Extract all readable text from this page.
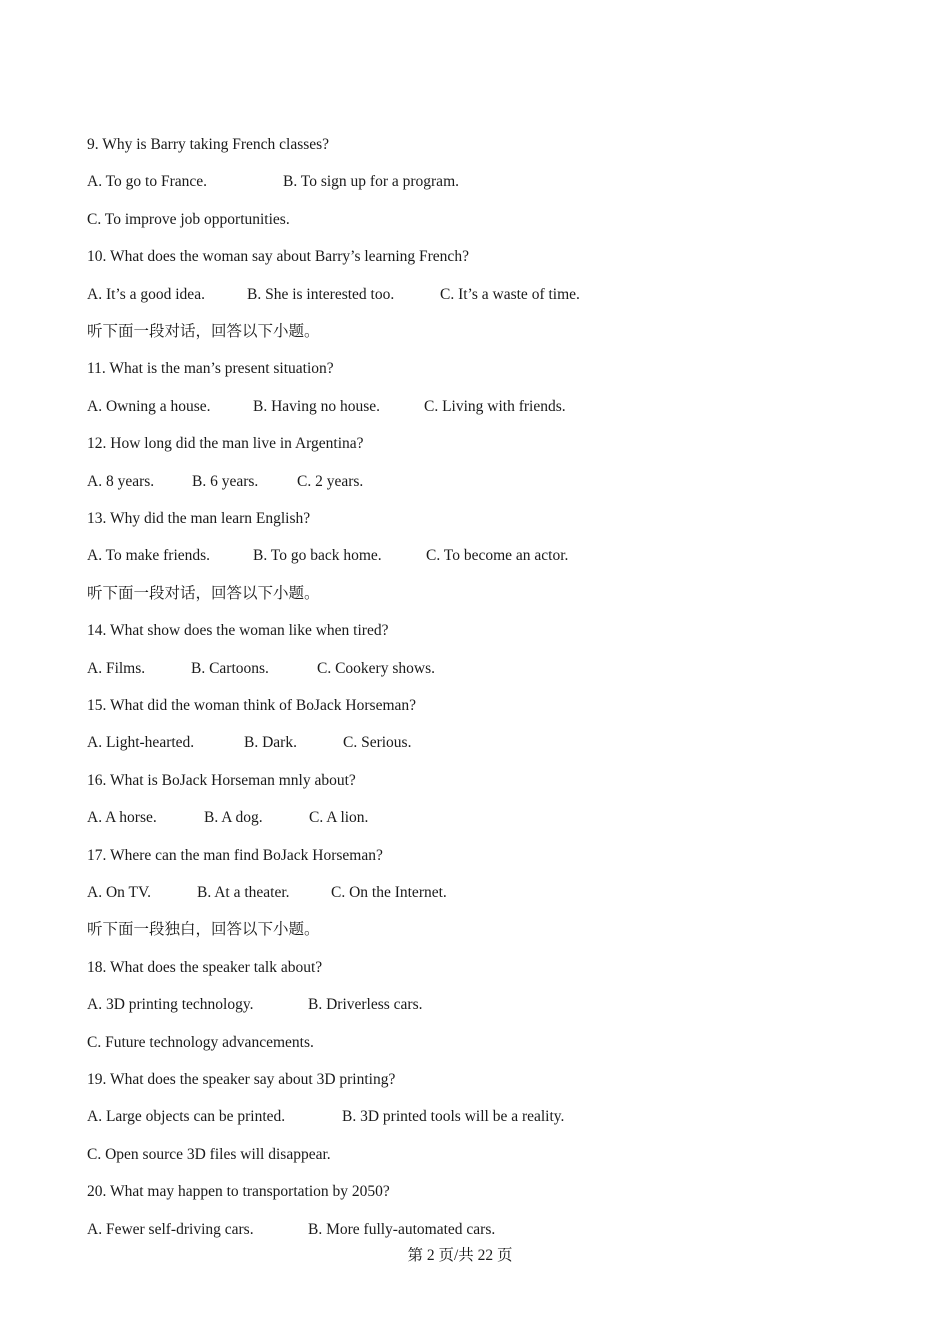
9. Why is Barry taking French classes?
A. To go to France.	B. To sign up for a program.
C. To improve job opportunities.
10. What does the woman say about Barry’s learning French?
A. It’s a good idea.	B. She is interested too.	C. It’s a waste of time.
听下面一段对话，回答以下小题。
11. What is the man’s present situation?
A. Owning a house.	B. Having no house.	C. Living with friends.
12. How long did the man live in Argentina?
A. 8 years. B. 6 years. C. 2 years.
13. Why did the man learn English?
A. To make friends.	B. To go back home.	C. To become an actor.
听下面一段对话，回答以下小题。
14. What show does the woman like when tired?
A. Films.	B. Cartoons.	C. Cookery shows.
15. What did the woman think of BoJack Horseman?
A. Light-hearted.	B. Dark.	C. Serious.
16. What is BoJack Horseman mnly about?
A. A horse.	B. A dog.	C. A lion.
17. Where can the man find BoJack Horseman?
A. On TV.	B. At a theater.	C. On the Internet.
听下面一段独白，回答以下小题。
18. What does the speaker talk about?
A. 3D printing technology.	B. Driverless cars.
C. Future technology advancements.
19. What does the speaker say about 3D printing?
A. Large objects can be printed.	B. 3D printed tools will be a reality.
C. Open source 3D files will disappear.
20. What may happen to transportation by 2050?
A. Fewer self-driving cars.	B. More fully-automated cars.
第 2 页/共 22 页
